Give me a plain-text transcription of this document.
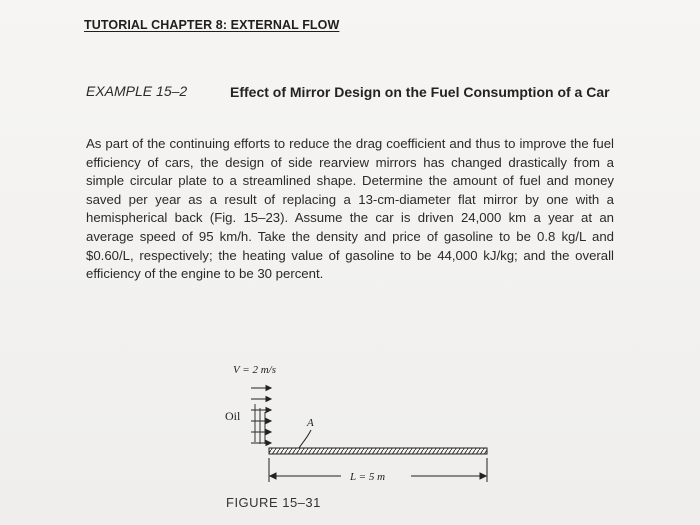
TUTORIAL CHAPTER 8: EXTERNAL FLOW
EXAMPLE 15–2	Effect of Mirror Design on the Fuel Consumption of a Car
As part of the continuing efforts to reduce the drag coefficient and thus to improve the fuel efficiency of cars, the design of side rearview mirrors has changed drastically from a simple circular plate to a streamlined shape. Determine the amount of fuel and money saved per year as a result of replacing a 13-cm-diameter flat mirror by one with a hemispherical back (Fig. 15–23). Assume the car is driven 24,000 km a year at an average speed of 95 km/h. Take the density and price of gasoline to be 0.8 kg/L and $0.60/L, respectively; the heating value of gasoline to be 44,000 kJ/kg; and the overall efficiency of the engine to be 30 percent.
V = 2 m/s
Oil	A
L = 5 m
FIGURE 15–31
